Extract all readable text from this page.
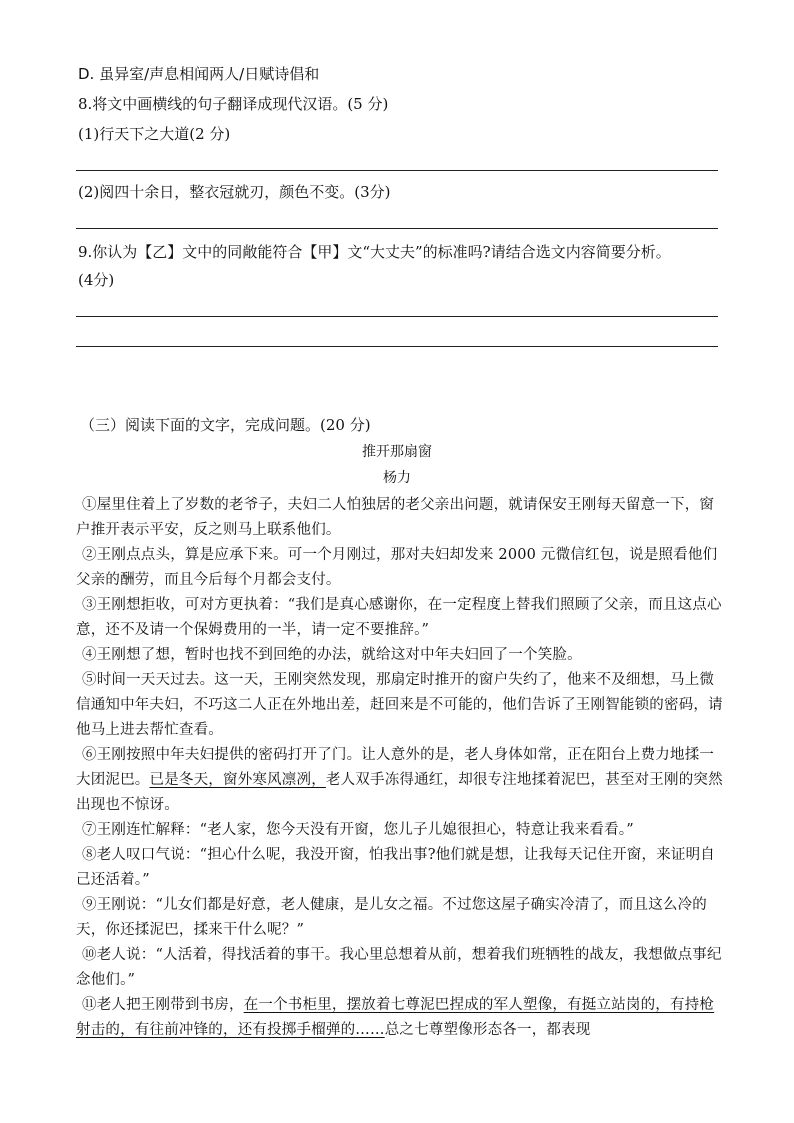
D. 虽异室/声息相闻两人/日赋诗倡和
8.将文中画横线的句子翻译成现代汉语。(5 分)
(1)行天下之大道(2 分)
(2)阅四十余日，整衣冠就刃，颜色不变。(3分)
9.你认为【乙】文中的同敞能符合【甲】文“大丈夫”的标准吗?请结合选文内容简要分析。
(4分)
（三）阅读下面的文字，完成问题。(20 分)
推开那扇窗
杨力
①屋里住着上了岁数的老爷子，夫妇二人怕独居的老父亲出问题，就请保安王刚每天留意一下，窗户推开表示平安，反之则马上联系他们。
②王刚点点头，算是应承下来。可一个月刚过，那对夫妇却发来 2000 元微信红包，说是照看他们父亲的酬劳，而且今后每个月都会支付。
③王刚想拒收，可对方更执着：“我们是真心感谢你，在一定程度上替我们照顾了父亲，而且这点心意，还不及请一个保姆费用的一半，请一定不要推辞。”
④王刚想了想，暂时也找不到回绝的办法，就给这对中年夫妇回了一个笑脸。
⑤时间一天天过去。这一天，王刚突然发现，那扇定时推开的窗户失约了，他来不及细想，马上微信通知中年夫妇，不巧这二人正在外地出差，赶回来是不可能的，他们告诉了王刚智能锁的密码，请他马上进去帮忙查看。
⑥王刚按照中年夫妇提供的密码打开了门。让人意外的是，老人身体如常，正在阳台上费力地揉一大团泥巴。已是冬天，窗外寒风凛冽，老人双手冻得通红，却很专注地揉着泥巴，甚至对王刚的突然出现也不惊讶。
⑦王刚连忙解释：“老人家，您今天没有开窗，您儿子儿媳很担心，特意让我来看看。”
⑧老人叹口气说：“担心什么呢，我没开窗，怕我出事?他们就是想，让我每天记住开窗，来证明自己还活着。”
⑨王刚说：“儿女们都是好意，老人健康，是儿女之福。不过您这屋子确实冷清了，而且这么冷的天，你还揉泥巴，揉来干什么呢？”
⑩老人说：“人活着，得找活着的事干。我心里总想着从前，想着我们班牺牲的战友，我想做点事纪念他们。”
⑪老人把王刚带到书房，在一个书柜里，摆放着七尊泥巴捏成的军人塑像，有挺立站岗的，有持枪射击的，有往前冲锋的，还有投掷手榴弹的……总之七尊塑像形态各一，都表现
